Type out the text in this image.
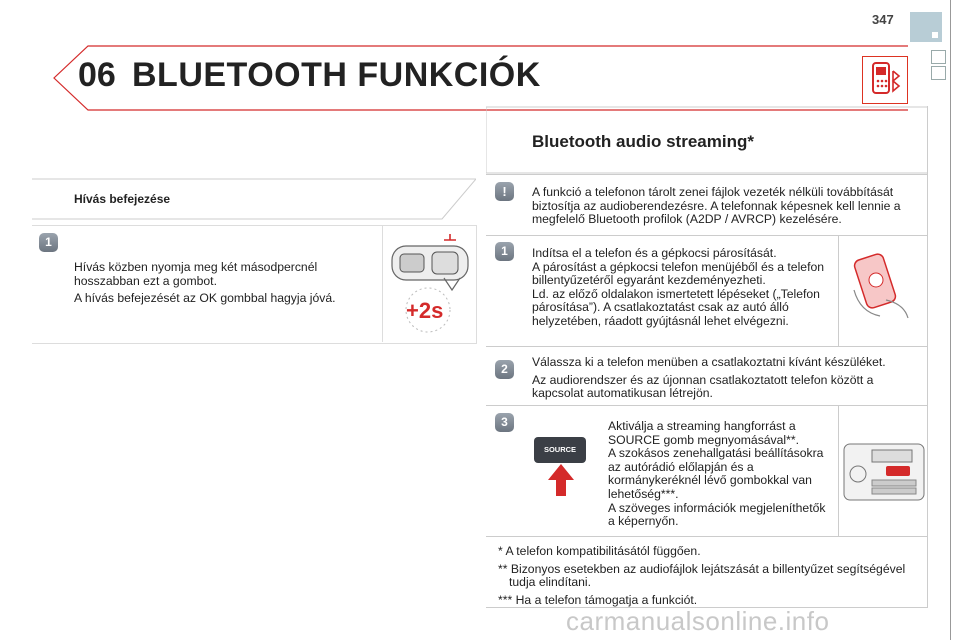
347
06 BLUETOOTH FUNKCIÓK
Hívás befejezése
1

Hívás közben nyomja meg két másodpercnél hosszabban ezt a gombot.

A hívás befejezését az OK gombbal hagyja jóvá.	+2s
Bluetooth audio streaming*
!	A funkció a telefonon tárolt zenei fájlok vezeték nélküli továbbítását biztosítja az audioberendezésre. A telefonnak képesnek kell lennie a megfelelő Bluetooth profilok (A2DP / AVRCP) kezelésére.
1	Indítsa el a telefon és a gépkocsi párosítását.

A párosítást a gépkocsi telefon menüjéből és a telefon billentyűzetéről egyaránt kezdeményezheti.

Ld. az előző oldalakon ismertetett lépéseket („Telefon párosítása”). A csatlakoztatást csak az autó álló helyzetében, ráadott gyújtásnál lehet elvégezni.

2	Válassza ki a telefon menüben a csatlakoztatni kívánt készüléket.

Az audiorendszer és az újonnan csatlakoztatott telefon között a kapcsolat automatikusan létrejön.

3
SOURCE

Aktiválja a streaming hangforrást a SOURCE gomb megnyomásával**.

A szokásos zenehallgatási beállításokra az autórádió előlapján és a kormánykeréknél lévő gombokkal van lehetőség***.

A szöveges információk megjeleníthetők a képernyőn.

* A telefon kompatibilitásától függően.

** Bizonyos esetekben az audiofájlok lejátszását a billentyűzet segítségével tudja elindítani.

*** Ha a telefon támogatja a funkciót.

carmanualsonline.info
